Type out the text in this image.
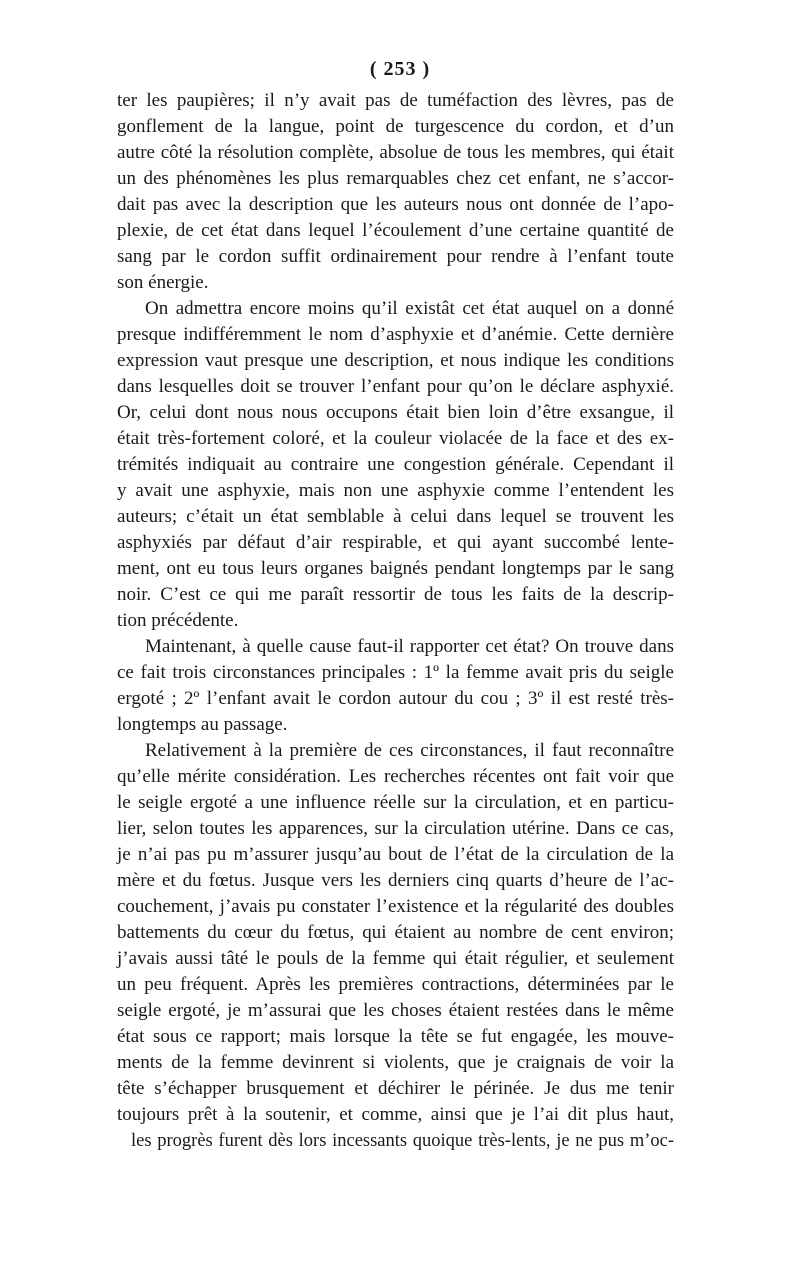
( 253 )
ter les paupières; il n’y avait pas de tuméfaction des lèvres, pas de
gonflement de la langue, point de turgescence du cordon, et d’un
autre côté la résolution complète, absolue de tous les membres, qui était
un des phénomènes les plus remarquables chez cet enfant, ne s’accor-
dait pas avec la description que les auteurs nous ont donnée de l’apo-
plexie, de cet état dans lequel l’écoulement d’une certaine quantité de
sang par le cordon suffit ordinairement pour rendre à l’enfant toute
son énergie.
On admettra encore moins qu’il existât cet état auquel on a donné
presque indifféremment le nom d’asphyxie et d’anémie. Cette dernière
expression vaut presque une description, et nous indique les conditions
dans lesquelles doit se trouver l’enfant pour qu’on le déclare asphyxié.
Or, celui dont nous nous occupons était bien loin d’être exsangue, il
était très-fortement coloré, et la couleur violacée de la face et des ex-
trémités indiquait au contraire une congestion générale. Cependant il
y avait une asphyxie, mais non une asphyxie comme l’entendent les
auteurs; c’était un état semblable à celui dans lequel se trouvent les
asphyxiés par défaut d’air respirable, et qui ayant succombé lente-
ment, ont eu tous leurs organes baignés pendant longtemps par le sang
noir. C’est ce qui me paraît ressortir de tous les faits de la descrip-
tion précédente.
Maintenant, à quelle cause faut-il rapporter cet état? On trouve dans
ce fait trois circonstances principales : 1º la femme avait pris du seigle
ergoté ; 2º l’enfant avait le cordon autour du cou ; 3º il est resté très-
longtemps au passage.
Relativement à la première de ces circonstances, il faut reconnaître
qu’elle mérite considération. Les recherches récentes ont fait voir que
le seigle ergoté a une influence réelle sur la circulation, et en particu-
lier, selon toutes les apparences, sur la circulation utérine. Dans ce cas,
je n’ai pas pu m’assurer jusqu’au bout de l’état de la circulation de la
mère et du fœtus. Jusque vers les derniers cinq quarts d’heure de l’ac-
couchement, j’avais pu constater l’existence et la régularité des doubles
battements du cœur du fœtus, qui étaient au nombre de cent environ;
j’avais aussi tâté le pouls de la femme qui était régulier, et seulement
un peu fréquent. Après les premières contractions, déterminées par le
seigle ergoté, je m’assurai que les choses étaient restées dans le même
état sous ce rapport; mais lorsque la tête se fut engagée, les mouve-
ments de la femme devinrent si violents, que je craignais de voir la
tête s’échapper brusquement et déchirer le périnée. Je dus me tenir
toujours prêt à la soutenir, et comme, ainsi que je l’ai dit plus haut,
les progrès furent dès lors incessants quoique très-lents, je ne pus m’oc-
